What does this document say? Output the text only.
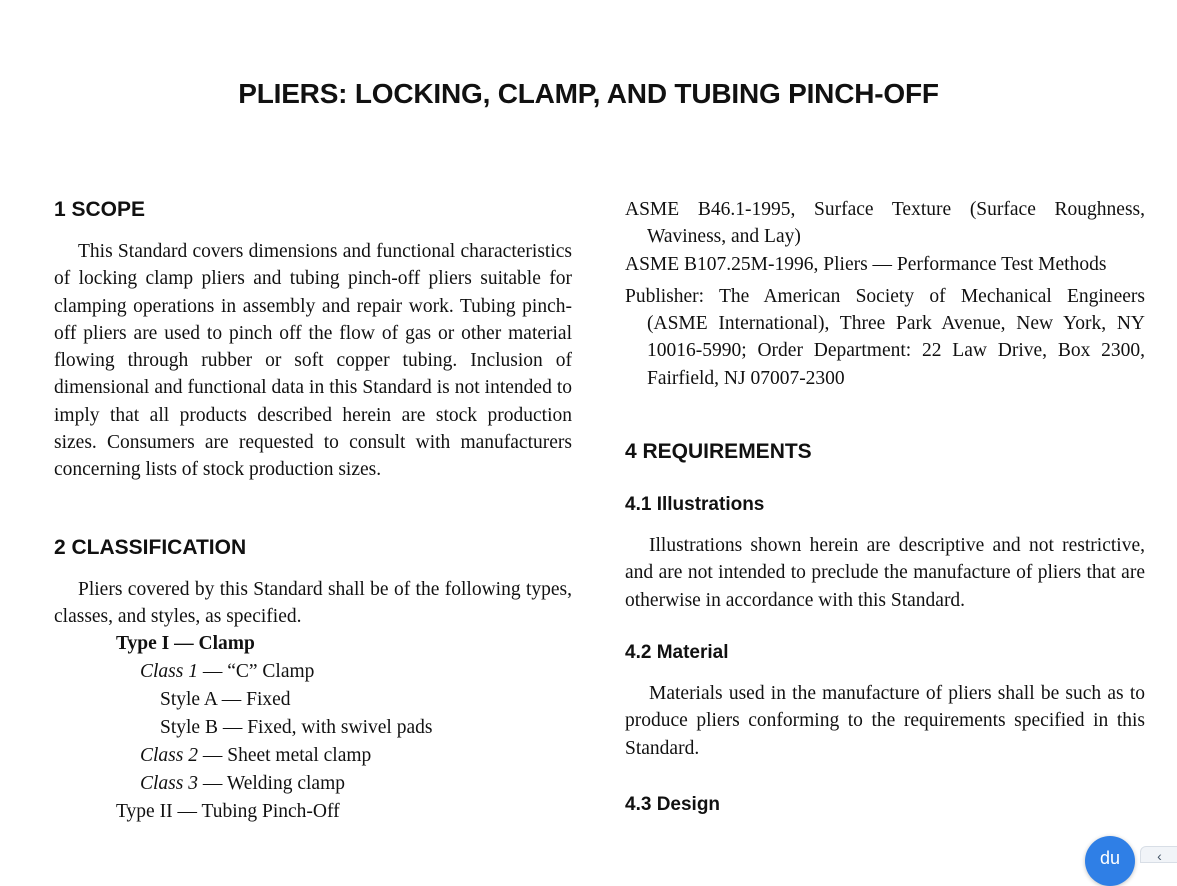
PLIERS: LOCKING, CLAMP, AND TUBING PINCH-OFF
1 SCOPE

This Standard covers dimensions and functional characteristics of locking clamp pliers and tubing pinch-off pliers suitable for clamping operations in assembly and repair work. Tubing pinch-off pliers are used to pinch off the flow of gas or other material flowing through rubber or soft copper tubing. Inclusion of dimensional and functional data in this Standard is not intended to imply that all products described herein are stock production sizes. Consumers are requested to consult with manufacturers concerning lists of stock production sizes.

2 CLASSIFICATION

Pliers covered by this Standard shall be of the following types, classes, and styles, as specified.

Type I — Clamp
Class 1 — “C” Clamp
Style A — Fixed
Style B — Fixed, with swivel pads
Class 2 — Sheet metal clamp
Class 3 — Welding clamp
Type II — Tubing Pinch-Off

ASME B46.1-1995, Surface Texture (Surface Roughness, Waviness, and Lay)

ASME B107.25M-1996, Pliers — Performance Test Methods

Publisher: The American Society of Mechanical Engineers (ASME International), Three Park Avenue, New York, NY 10016-5990; Order Department: 22 Law Drive, Box 2300, Fairfield, NJ 07007-2300

4 REQUIREMENTS
4.1 Illustrations

Illustrations shown herein are descriptive and not restrictive, and are not intended to preclude the manufacture of pliers that are otherwise in accordance with this Standard.

4.2 Material

Materials used in the manufacture of pliers shall be such as to produce pliers conforming to the requirements specified in this Standard.

4.3 Design
du	‹
